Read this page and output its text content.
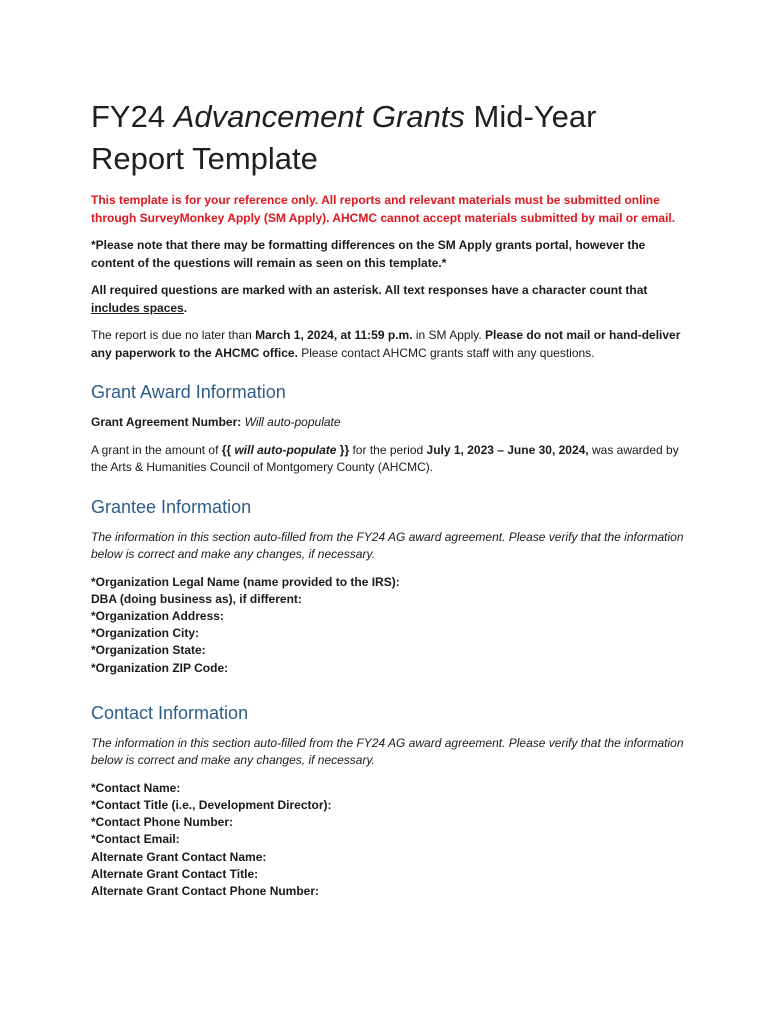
FY24 Advancement Grants Mid-Year Report Template

This template is for your reference only. All reports and relevant materials must be submitted online through SurveyMonkey Apply (SM Apply). AHCMC cannot accept materials submitted by mail or email.

*Please note that there may be formatting differences on the SM Apply grants portal, however the content of the questions will remain as seen on this template.*

All required questions are marked with an asterisk. All text responses have a character count that includes spaces.

The report is due no later than March 1, 2024, at 11:59 p.m. in SM Apply. Please do not mail or hand-deliver any paperwork to the AHCMC office. Please contact AHCMC grants staff with any questions.

Grant Award Information

Grant Agreement Number: Will auto-populate

A grant in the amount of {{ will auto-populate }} for the period July 1, 2023 – June 30, 2024, was awarded by the Arts & Humanities Council of Montgomery County (AHCMC).

Grantee Information

The information in this section auto-filled from the FY24 AG award agreement. Please verify that the information below is correct and make any changes, if necessary.

*Organization Legal Name (name provided to the IRS):

DBA (doing business as), if different:

*Organization Address:

*Organization City:

*Organization State:

*Organization ZIP Code:

Contact Information

The information in this section auto-filled from the FY24 AG award agreement. Please verify that the information below is correct and make any changes, if necessary.

*Contact Name:

*Contact Title (i.e., Development Director):

*Contact Phone Number:

*Contact Email:

Alternate Grant Contact Name:

Alternate Grant Contact Title:

Alternate Grant Contact Phone Number:
